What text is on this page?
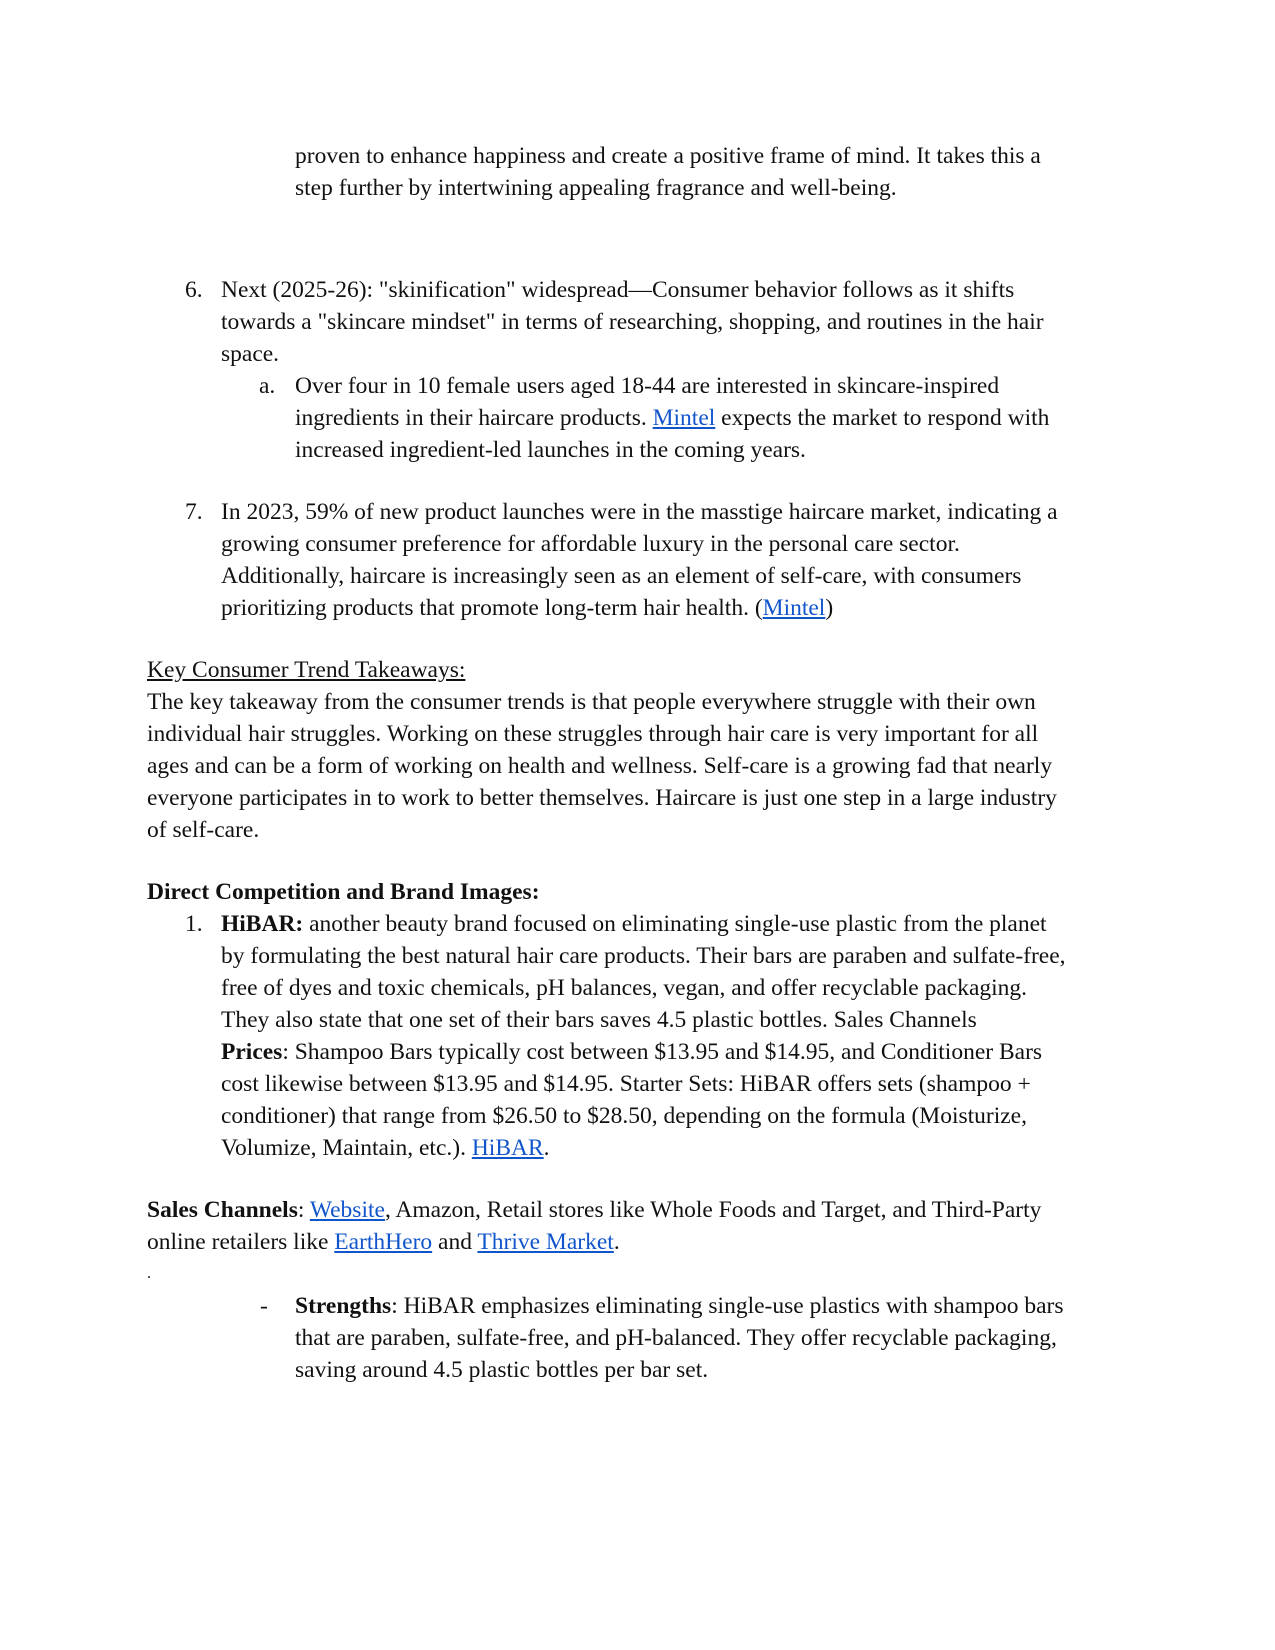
proven to enhance happiness and create a positive frame of mind. It takes this a
step further by intertwining appealing fragrance and well-being.
6. Next (2025-26): "skinification" widespread—Consumer behavior follows as it shifts
towards a "skincare mindset" in terms of researching, shopping, and routines in the hair
space.
a. Over four in 10 female users aged 18-44 are interested in skincare-inspired
ingredients in their haircare products. Mintel expects the market to respond with
increased ingredient-led launches in the coming years.
7. In 2023, 59% of new product launches were in the masstige haircare market, indicating a
growing consumer preference for affordable luxury in the personal care sector.
Additionally, haircare is increasingly seen as an element of self-care, with consumers
prioritizing products that promote long-term hair health. (Mintel)
Key Consumer Trend Takeaways:
The key takeaway from the consumer trends is that people everywhere struggle with their own
individual hair struggles. Working on these struggles through hair care is very important for all
ages and can be a form of working on health and wellness. Self-care is a growing fad that nearly
everyone participates in to work to better themselves. Haircare is just one step in a large industry
of self-care.
Direct Competition and Brand Images:
1. HiBAR: another beauty brand focused on eliminating single-use plastic from the planet
by formulating the best natural hair care products. Their bars are paraben and sulfate-free,
free of dyes and toxic chemicals, pH balances, vegan, and offer recyclable packaging.
They also state that one set of their bars saves 4.5 plastic bottles. Sales Channels
Prices: Shampoo Bars typically cost between $13.95 and $14.95, and Conditioner Bars
cost likewise between $13.95 and $14.95. Starter Sets: HiBAR offers sets (shampoo +
conditioner) that range from $26.50 to $28.50, depending on the formula (Moisturize,
Volumize, Maintain, etc.). HiBAR.
Sales Channels: Website, Amazon, Retail stores like Whole Foods and Target, and Third-Party
online retailers like EarthHero and Thrive Market.
.
- Strengths: HiBAR emphasizes eliminating single-use plastics with shampoo bars
that are paraben, sulfate-free, and pH-balanced. They offer recyclable packaging,
saving around 4.5 plastic bottles per bar set.
